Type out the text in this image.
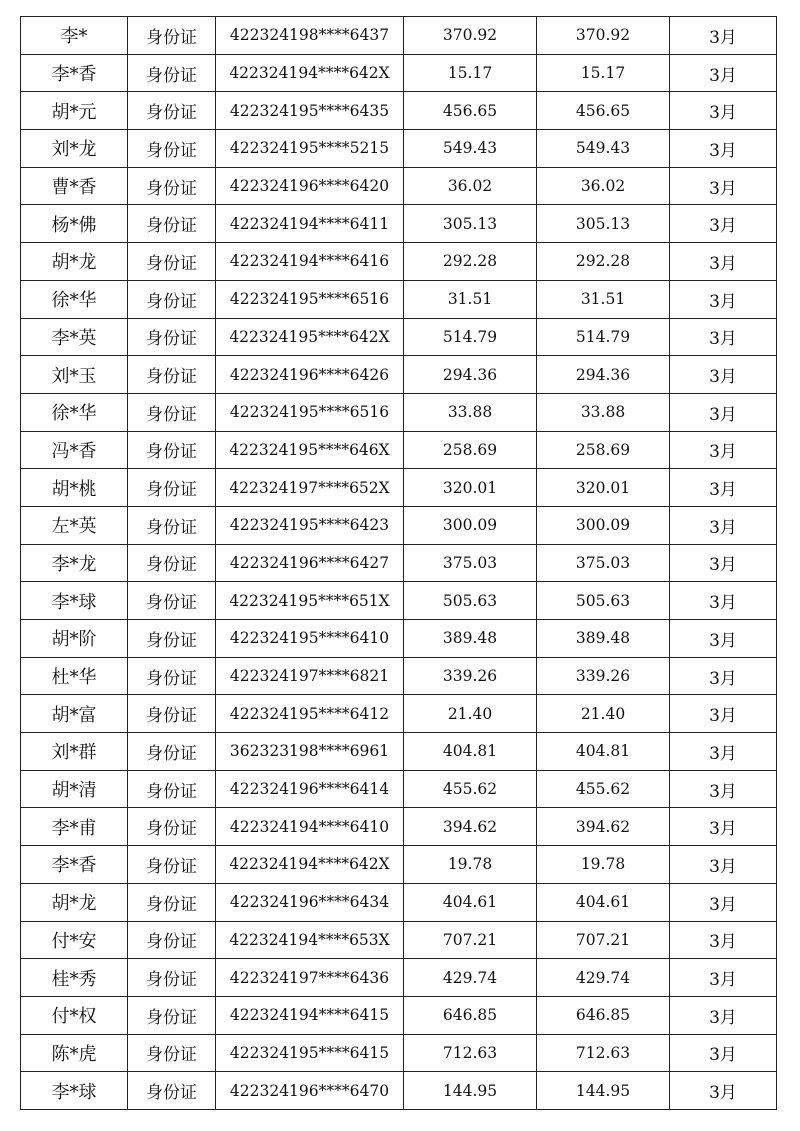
李*	身份证	422324198****6437	370.92	370.92	3月
李*香	身份证	422324194****642X	15.17	15.17	3月
胡*元	身份证	422324195****6435	456.65	456.65	3月
刘*龙	身份证	422324195****5215	549.43	549.43	3月
曹*香	身份证	422324196****6420	36.02	36.02	3月
杨*佛	身份证	422324194****6411	305.13	305.13	3月
胡*龙	身份证	422324194****6416	292.28	292.28	3月
徐*华	身份证	422324195****6516	31.51	31.51	3月
李*英	身份证	422324195****642X	514.79	514.79	3月
刘*玉	身份证	422324196****6426	294.36	294.36	3月
徐*华	身份证	422324195****6516	33.88	33.88	3月
冯*香	身份证	422324195****646X	258.69	258.69	3月
胡*桃	身份证	422324197****652X	320.01	320.01	3月
左*英	身份证	422324195****6423	300.09	300.09	3月
李*龙	身份证	422324196****6427	375.03	375.03	3月
李*球	身份证	422324195****651X	505.63	505.63	3月
胡*阶	身份证	422324195****6410	389.48	389.48	3月
杜*华	身份证	422324197****6821	339.26	339.26	3月
胡*富	身份证	422324195****6412	21.40	21.40	3月
刘*群	身份证	362323198****6961	404.81	404.81	3月
胡*清	身份证	422324196****6414	455.62	455.62	3月
李*甫	身份证	422324194****6410	394.62	394.62	3月
李*香	身份证	422324194****642X	19.78	19.78	3月
胡*龙	身份证	422324196****6434	404.61	404.61	3月
付*安	身份证	422324194****653X	707.21	707.21	3月
桂*秀	身份证	422324197****6436	429.74	429.74	3月
付*权	身份证	422324194****6415	646.85	646.85	3月
陈*虎	身份证	422324195****6415	712.63	712.63	3月
李*球	身份证	422324196****6470	144.95	144.95	3月
